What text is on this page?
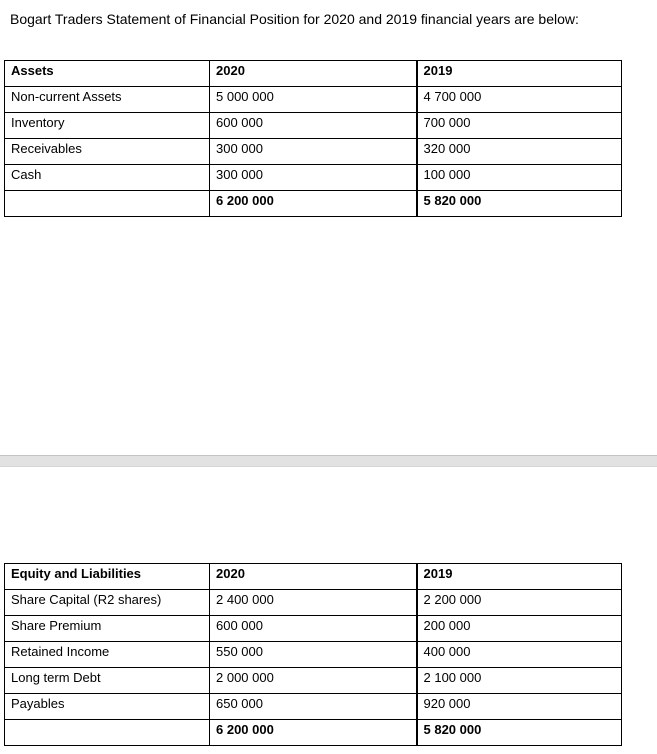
Bogart Traders Statement of Financial Position for 2020 and 2019 financial years are below:
Assets	2020	2019
Non-current Assets	5 000 000	4 700 000
Inventory	600 000	700 000
Receivables	300 000	320 000
Cash	300 000	100 000
	6 200 000	5 820 000
Equity and Liabilities	2020	2019
Share Capital (R2 shares)	2 400 000	2 200 000
Share Premium	600 000	200 000
Retained Income	550 000	400 000
Long term Debt	2 000 000	2 100 000
Payables	650 000	920 000
	6 200 000	5 820 000
